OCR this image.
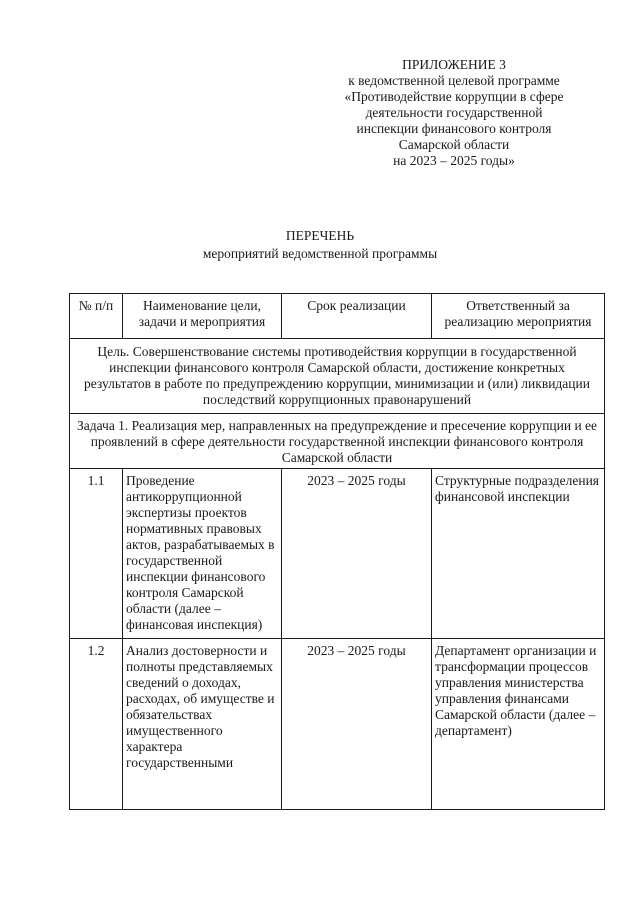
ПРИЛОЖЕНИЕ 3
к ведомственной целевой программе
«Противодействие коррупции в сфере
деятельности государственной
инспекции финансового контроля
Самарской области
на 2023 – 2025 годы»
ПЕРЕЧЕНЬ
мероприятий ведомственной программы
№ п/п	Наименование цели, задачи и мероприятия	Срок реализации	Ответственный за реализацию мероприятия
Цель. Совершенствование системы противодействия коррупции в государственной инспекции финансового контроля Самарской области, достижение конкретных результатов в работе по предупреждению коррупции, минимизации и (или) ликвидации последствий коррупционных правонарушений			
Задача 1. Реализация мер, направленных на предупреждение и пресечение коррупции и ее проявлений в сфере деятельности государственной инспекции финансового контроля Самарской области			
1.1	Проведение антикоррупционной экспертизы проектов нормативных правовых актов, разрабатываемых в государственной инспекции финансового контроля Самарской области (далее – финансовая инспекция)	2023 – 2025 годы	Структурные подразделения финансовой инспекции
1.2	Анализ достоверности и полноты представляемых сведений о доходах, расходах, об имуществе и обязательствах имущественного характера государственными	2023 – 2025 годы	Департамент организации и трансформации процессов управления министерства управления финансами Самарской области (далее – департамент)
